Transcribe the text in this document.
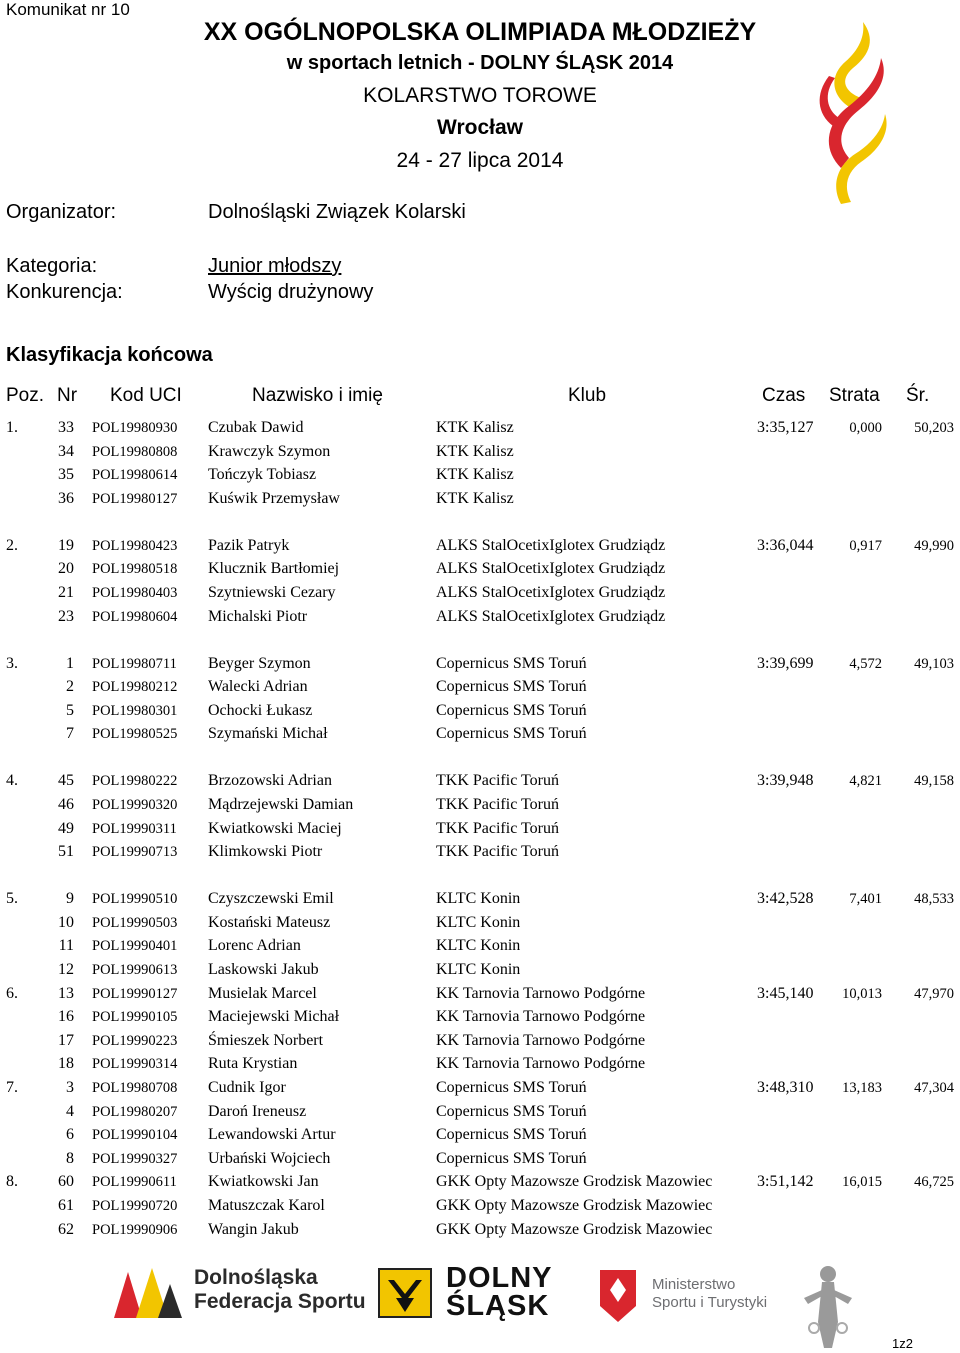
Komunikat nr 10
XX OGÓLNOPOLSKA OLIMPIADA MŁODZIEŻY
w sportach letnich - DOLNY ŚLĄSK 2014
KOLARSTWO TOROWE
Wrocław
24 - 27 lipca 2014
Organizator:	Dolnośląski Związek Kolarski
Kategoria:	Junior młodszy
Konkurencja:	Wyścig drużynowy
Klasyfikacja końcowa
Poz. Nr Kod UCI	Nazwisko i imię	Klub	Czas Strata Śr.
1.	33 POL19980930 Czubak Dawid	KTK Kalisz	3:35,127	0,000	50,203
34 POL19980808 Krawczyk Szymon	KTK Kalisz
35 POL19980614 Tończyk Tobiasz	KTK Kalisz
36 POL19980127 Kuświk Przemysław	KTK Kalisz
2.	19 POL19980423 Pazik Patryk	ALKS StalOcetixIglotex Grudziądz	3:36,044	0,917	49,990
20 POL19980518 Klucznik Bartłomiej	ALKS StalOcetixIglotex Grudziądz
21 POL19980403 Szytniewski Cezary	ALKS StalOcetixIglotex Grudziądz
23 POL19980604 Michalski Piotr	ALKS StalOcetixIglotex Grudziądz
3.	1 POL19980711 Beyger Szymon	Copernicus SMS Toruń	3:39,699	4,572	49,103
2 POL19980212 Walecki Adrian	Copernicus SMS Toruń
5 POL19980301 Ochocki Łukasz	Copernicus SMS Toruń
7 POL19980525 Szymański Michał	Copernicus SMS Toruń
4.	45 POL19980222 Brzozowski Adrian	TKK Pacific Toruń	3:39,948	4,821	49,158
46 POL19990320 Mądrzejewski Damian	TKK Pacific Toruń
49 POL19990311 Kwiatkowski Maciej	TKK Pacific Toruń
51 POL19990713 Klimkowski Piotr	TKK Pacific Toruń
5.	9 POL19990510 Czyszczewski Emil	KLTC Konin	3:42,528	7,401	48,533
10 POL19990503 Kostański Mateusz	KLTC Konin
11 POL19990401 Lorenc Adrian	KLTC Konin
12 POL19990613 Laskowski Jakub	KLTC Konin
6.	13 POL19990127 Musielak Marcel	KK Tarnovia Tarnowo Podgórne	3:45,140	10,013	47,970
16 POL19990105 Maciejewski Michał	KK Tarnovia Tarnowo Podgórne
17 POL19990223 Śmieszek Norbert	KK Tarnovia Tarnowo Podgórne
18 POL19990314 Ruta Krystian	KK Tarnovia Tarnowo Podgórne
7.	3 POL19980708 Cudnik Igor	Copernicus SMS Toruń	3:48,310	13,183	47,304
4 POL19980207 Daroń Ireneusz	Copernicus SMS Toruń
6 POL19990104 Lewandowski Artur	Copernicus SMS Toruń
8 POL19990327 Urbański Wojciech	Copernicus SMS Toruń
8.	60 POL19990611 Kwiatkowski Jan	GKK Opty Mazowsze Grodzisk Mazowiec	3:51,142	16,015	46,725
61 POL19990720 Matuszczak Karol	GKK Opty Mazowsze Grodzisk Mazowiec
62 POL19990906 Wangin Jakub	GKK Opty Mazowsze Grodzisk Mazowiec
Dolnośląska
Federacja Sportu
DOLNY
ŚLĄSK
Ministerstwo
Sportu i Turystyki
1z2
